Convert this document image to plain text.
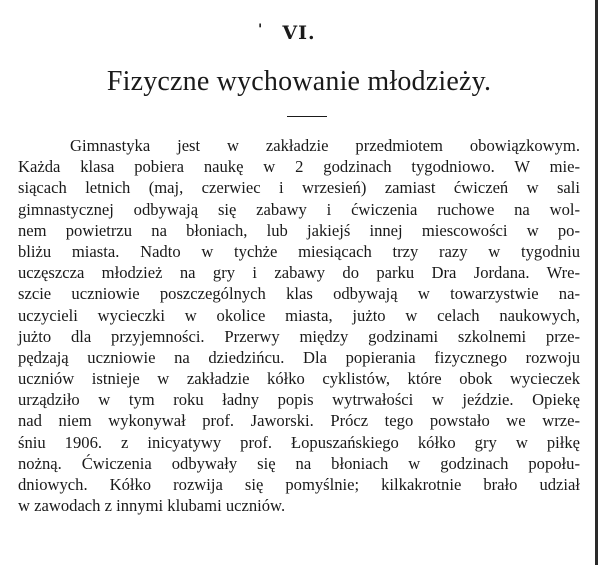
'	VI.
Fizyczne wychowanie młodzieży.
Gimnastyka jest w zakładzie przedmiotem obowiązkowym.
Każda klasa pobiera naukę w 2 godzinach tygodniowo. W mie-
siącach letnich (maj, czerwiec i wrzesień) zamiast ćwiczeń w sali
gimnastycznej odbywają się zabawy i ćwiczenia ruchowe na wol-
nem powietrzu na błoniach, lub jakiejś innej miescowości w po-
bliżu miasta. Nadto w tychże miesiącach trzy razy w tygodniu
uczęszcza młodzież na gry i zabawy do parku Dra Jordana. Wre-
szcie uczniowie poszczególnych klas odbywają w towarzystwie na-
uczycieli wycieczki w okolice miasta, jużto w celach naukowych,
jużto dla przyjemności. Przerwy między godzinami szkolnemi prze-
pędzają uczniowie na dziedzińcu. Dla popierania fizycznego rozwoju
uczniów istnieje w zakładzie kółko cyklistów, które obok wycieczek
urządziło w tym roku ładny popis wytrwałości w jeździe. Opiekę
nad niem wykonywał prof. Jaworski. Prócz tego powstało we wrze-
śniu 1906. z inicyatywy prof. Łopuszańskiego kółko gry w piłkę
nożną. Ćwiczenia odbywały się na błoniach w godzinach popołu-
dniowych. Kółko rozwija się pomyślnie; kilkakrotnie brało udział
w zawodach z innymi klubami uczniów.
